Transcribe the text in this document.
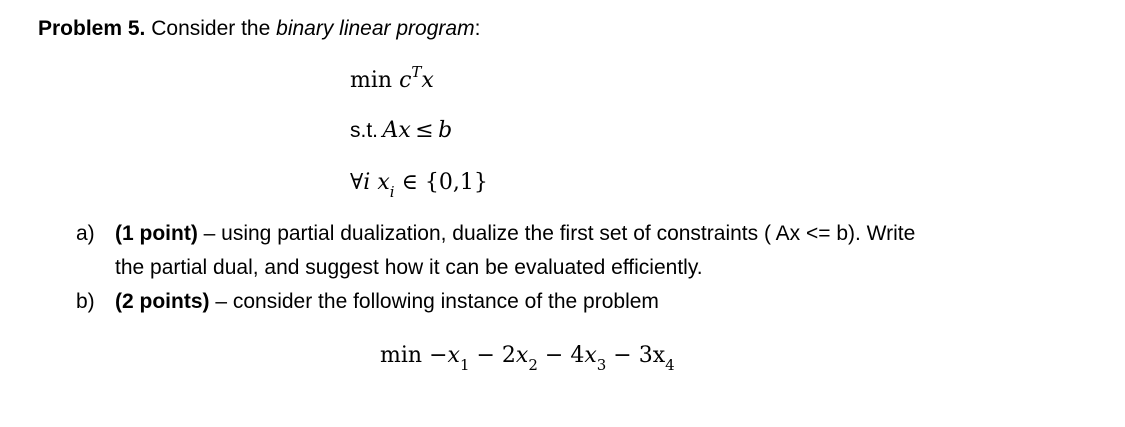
Problem 5. Consider the binary linear program:
$\min c^Tx$
s.t. Ax ≤ b
∀i $x_i$ ∈ {0,1}
a) (1 point) – using partial dualization, dualize the first set of constraints ( Ax <= b). Write
the partial dual, and suggest how it can be evaluated efficiently.
b) (2 points) – consider the following instance of the problem
$\min -x_1 - 2x_2 - 4x_3 - 3x_4$
